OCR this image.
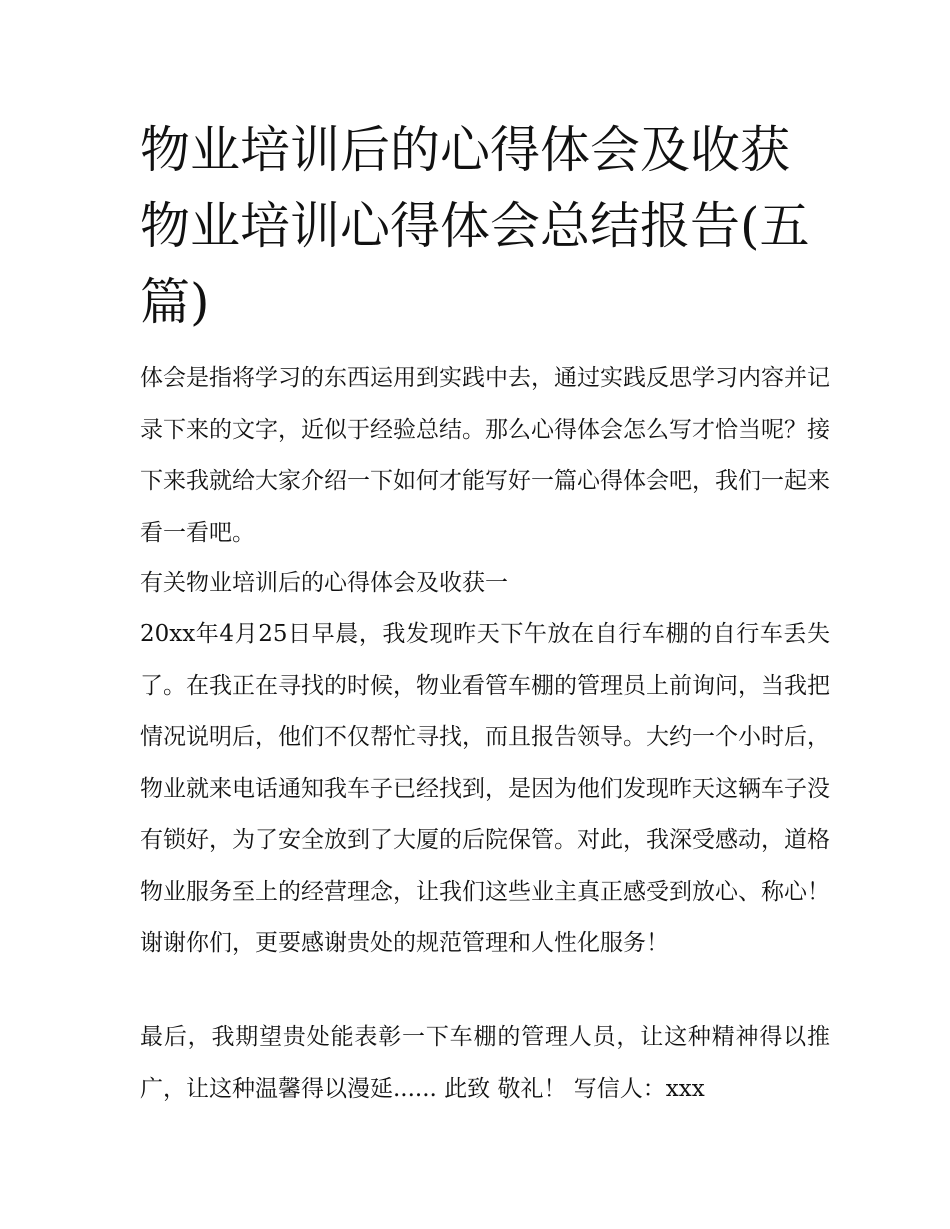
物业培训后的心得体会及收获物业培训心得体会总结报告(五篇)

体会是指将学习的东西运用到实践中去，通过实践反思学习内容并记录下来的文字，近似于经验总结。那么心得体会怎么写才恰当呢？接下来我就给大家介绍一下如何才能写好一篇心得体会吧，我们一起来看一看吧。

有关物业培训后的心得体会及收获一

20xx年4月25日早晨，我发现昨天下午放在自行车棚的自行车丢失了。在我正在寻找的时候，物业看管车棚的管理员上前询问，当我把情况说明后，他们不仅帮忙寻找，而且报告领导。大约一个小时后，物业就来电话通知我车子已经找到，是因为他们发现昨天这辆车子没有锁好，为了安全放到了大厦的后院保管。对此，我深受感动，道格物业服务至上的经营理念，让我们这些业主真正感受到放心、称心！谢谢你们，更要感谢贵处的规范管理和人性化服务！

最后，我期望贵处能表彰一下车棚的管理人员，让这种精神得以推广，让这种温馨得以漫延...... 此致 敬礼！ 写信人：xxx
